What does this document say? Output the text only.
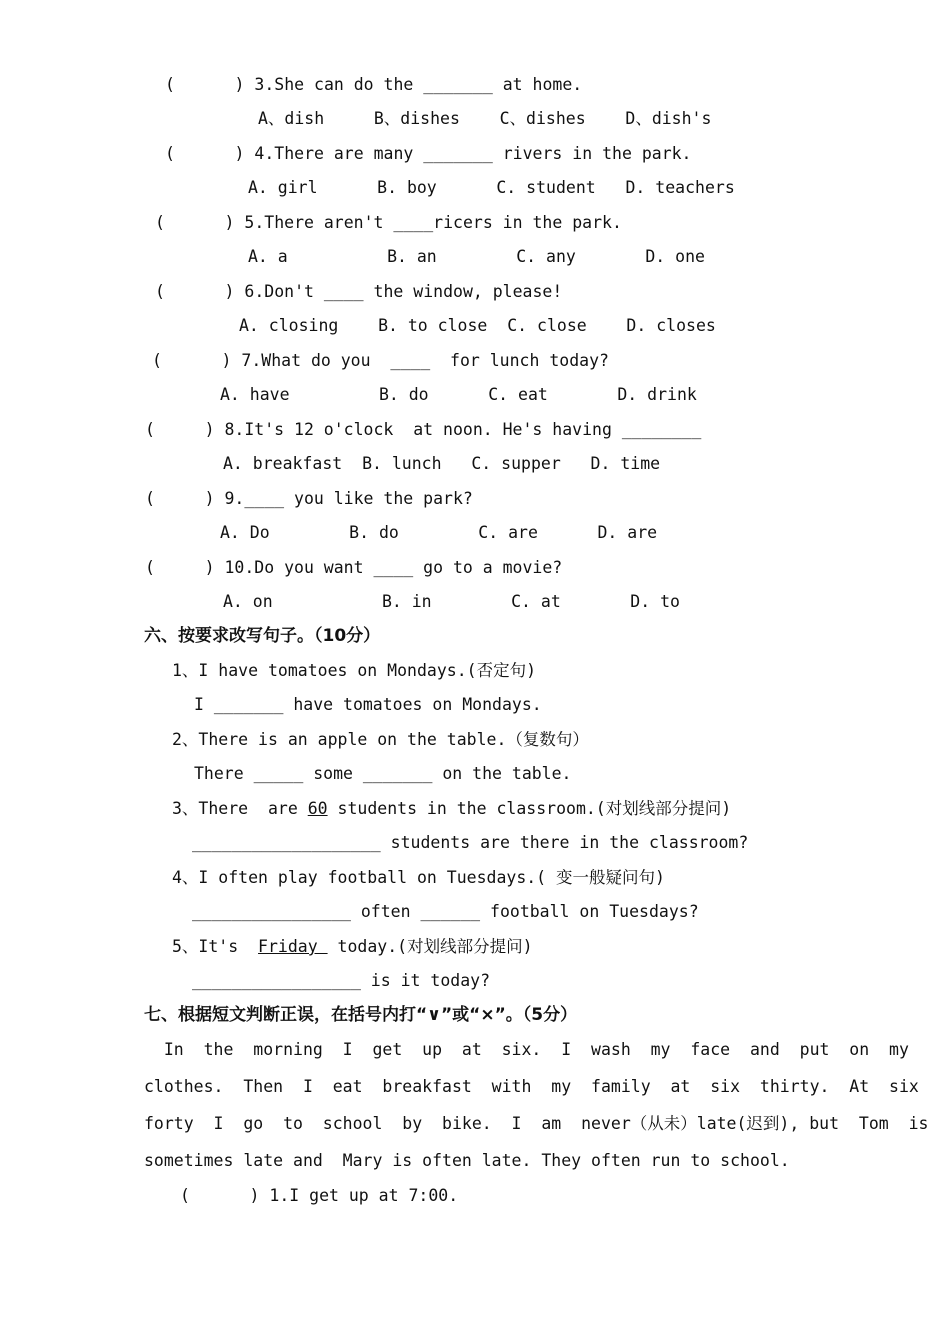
(      ) 3.She can do the _______ at home.
A、dish     B、dishes    C、dishes    D、dish's
(      ) 4.There are many _______ rivers in the park.
A. girl      B. boy      C. student   D. teachers
(      ) 5.There aren't ____ricers in the park.
A. a          B. an        C. any       D. one
(      ) 6.Don't ____ the window, please!
A. closing    B. to close  C. close    D. closes
(      ) 7.What do you  ____  for lunch today?
A. have         B. do      C. eat       D. drink
(     ) 8.It's 12 o'clock  at noon. He's having ________
A. breakfast  B. lunch   C. supper   D. time
(     ) 9.____ you like the park?
A. Do        B. do        C. are      D. are
(     ) 10.Do you want ____ go to a movie?
A. on           B. in        C. at       D. to
六、按要求改写句子。（10分）
1、I have tomatoes on Mondays.(否定句)
I _______ have tomatoes on Mondays.
2、There is an apple on the table.（复数句）
There _____ some _______ on the table.
3、There  are 60 students in the classroom.(对划线部分提问)
___________________ students are there in the classroom?
4、I often play football on Tuesdays.( 变一般疑问句)
________________ often ______ football on Tuesdays?
5、It's  Friday  today.(对划线部分提问)
_________________ is it today?
七、根据短文判断正误，在括号内打“∨”或“×”。（5分）
In  the  morning  I  get  up  at  six.  I  wash  my  face  and  put  on  my
clothes.  Then  I  eat  breakfast  with  my  family  at  six  thirty.  At  six
forty  I  go  to  school  by  bike.  I  am  never（从未）late(迟到), but  Tom  is
sometimes late and  Mary is often late. They often run to school.
(      ) 1.I get up at 7:00.
